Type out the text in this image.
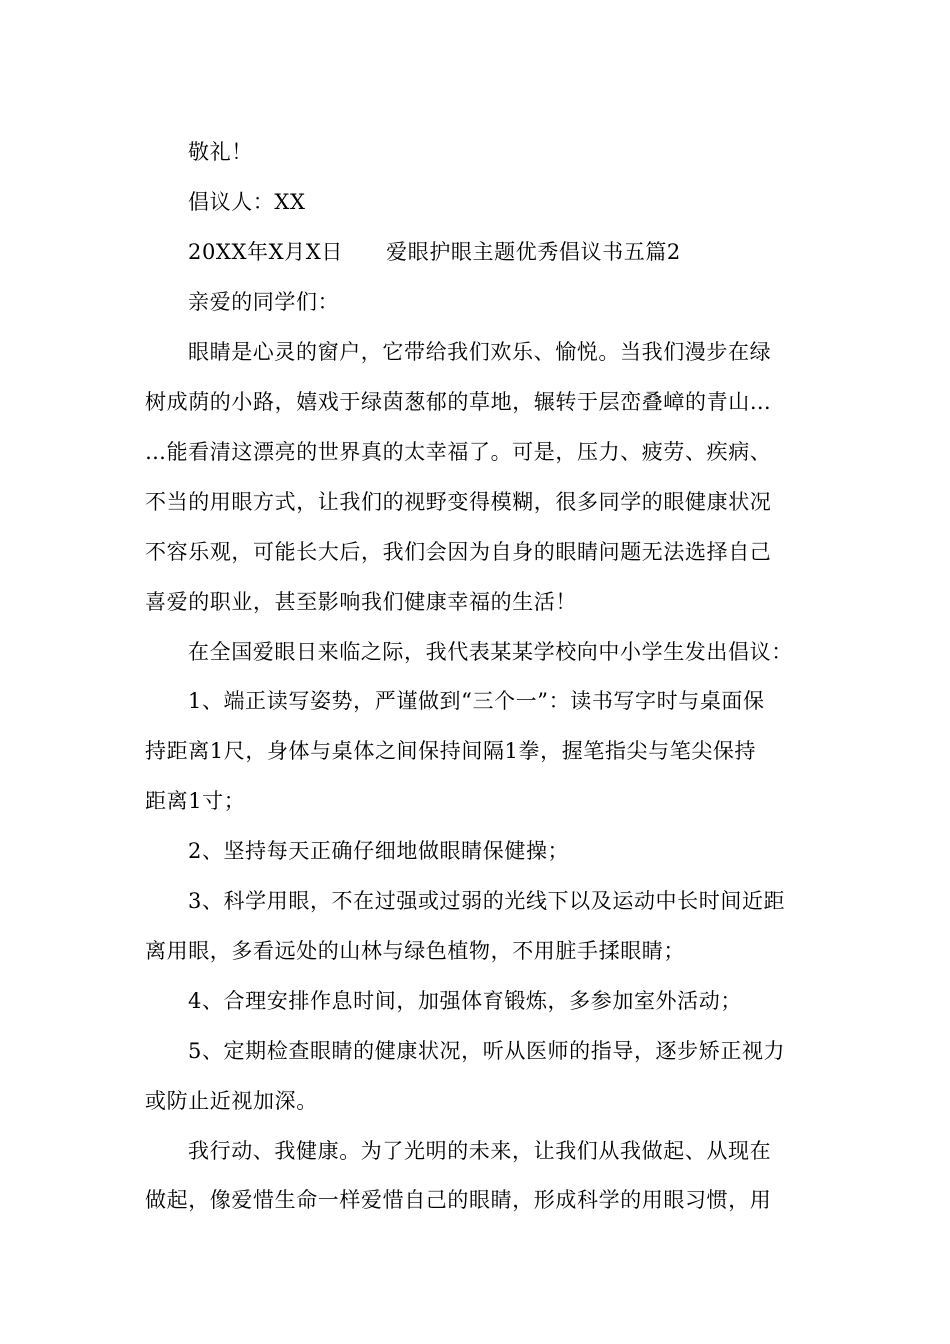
敬礼！
倡议人：XX
20XX年X月X日　　爱眼护眼主题优秀倡议书五篇2
亲爱的同学们：
眼睛是心灵的窗户，它带给我们欢乐、愉悦。当我们漫步在绿
树成荫的小路，嬉戏于绿茵葱郁的草地，辗转于层峦叠嶂的青山…
…能看清这漂亮的世界真的太幸福了。可是，压力、疲劳、疾病、
不当的用眼方式，让我们的视野变得模糊，很多同学的眼健康状况
不容乐观，可能长大后，我们会因为自身的眼睛问题无法选择自己
喜爱的职业，甚至影响我们健康幸福的生活！
在全国爱眼日来临之际，我代表某某学校向中小学生发出倡议：
1、端正读写姿势，严谨做到“三个一”：读书写字时与桌面保
持距离1尺，身体与桌体之间保持间隔1拳，握笔指尖与笔尖保持
距离1寸；
2、坚持每天正确仔细地做眼睛保健操；
3、科学用眼，不在过强或过弱的光线下以及运动中长时间近距
离用眼，多看远处的山林与绿色植物，不用脏手揉眼睛；
4、合理安排作息时间，加强体育锻炼，多参加室外活动；
5、定期检查眼睛的健康状况，听从医师的指导，逐步矫正视力
或防止近视加深。
我行动、我健康。为了光明的未来，让我们从我做起、从现在
做起，像爱惜生命一样爱惜自己的眼睛，形成科学的用眼习惯，用
